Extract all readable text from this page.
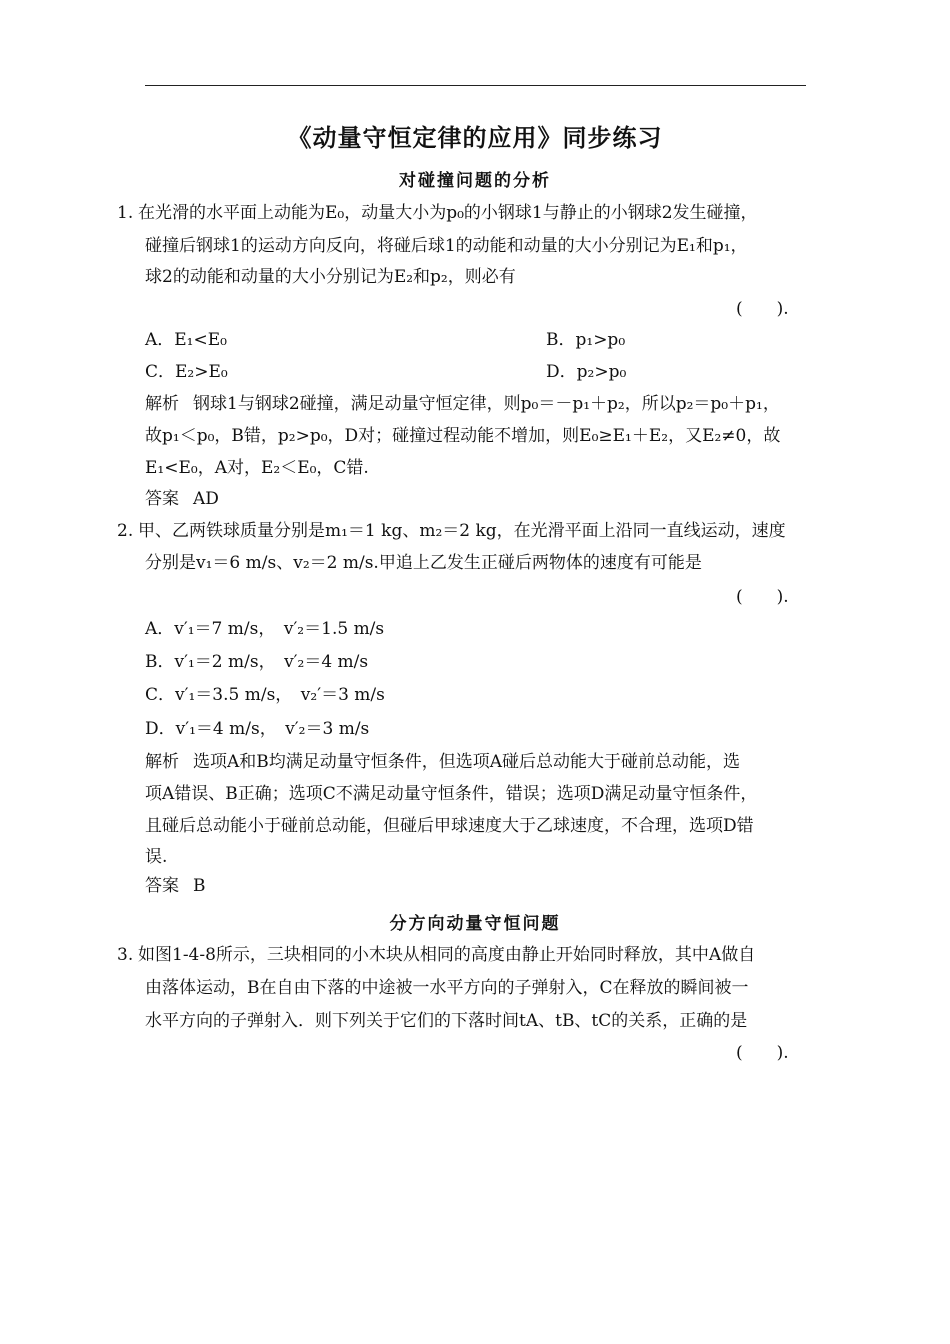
《动量守恒定律的应用》同步练习
对碰撞问题的分析
1. 在光滑的水平面上动能为E₀，动量大小为p₀的小钢球1与静止的小钢球2发生碰撞，
碰撞后钢球1的运动方向反向，将碰后球1的动能和动量的大小分别记为E₁和p₁，
球2的动能和动量的大小分别记为E₂和p₂，则必有
(　　).
A．E₁<E₀	B．p₁>p₀
C．E₂>E₀	D．p₂>p₀
解析 钢球1与钢球2碰撞，满足动量守恒定律，则p₀＝－p₁＋p₂，所以p₂＝p₀＋p₁，
故p₁＜p₀，B错，p₂>p₀，D对；碰撞过程动能不增加，则E₀≥E₁＋E₂，又E₂≠0，故
E₁<E₀，A对，E₂＜E₀，C错.
答案 AD
2. 甲、乙两铁球质量分别是m₁＝1 kg、m₂＝2 kg，在光滑平面上沿同一直线运动，速度
分别是v₁＝6 m/s、v₂＝2 m/s.甲追上乙发生正碰后两物体的速度有可能是
(　　).
A．v′₁＝7 m/s，　v′₂＝1.5 m/s
B．v′₁＝2 m/s，　v′₂＝4 m/s
C．v′₁＝3.5 m/s，　v₂′＝3 m/s
D．v′₁＝4 m/s，　v′₂＝3 m/s
解析 选项A和B均满足动量守恒条件，但选项A碰后总动能大于碰前总动能，选
项A错误、B正确；选项C不满足动量守恒条件，错误；选项D满足动量守恒条件，
且碰后总动能小于碰前总动能，但碰后甲球速度大于乙球速度，不合理，选项D错
误.
答案 B
分方向动量守恒问题
3. 如图1-4-8所示，三块相同的小木块从相同的高度由静止开始同时释放，其中A做自
由落体运动，B在自由下落的中途被一水平方向的子弹射入，C在释放的瞬间被一
水平方向的子弹射入．则下列关于它们的下落时间tA、tB、tC的关系，正确的是
(　　).
